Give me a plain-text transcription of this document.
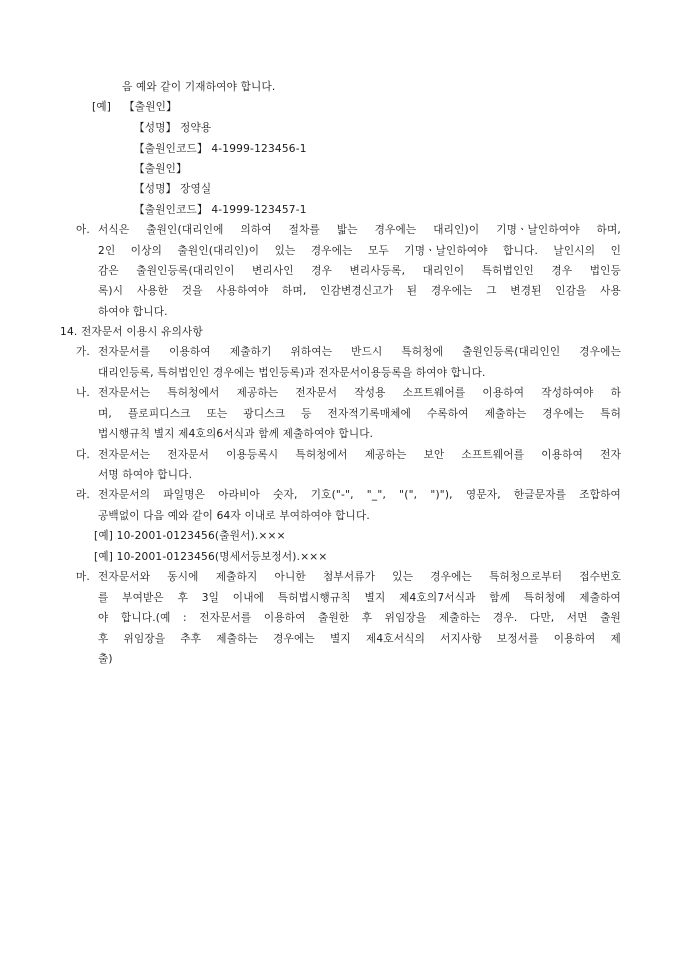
음 예와 같이 기재하여야 합니다.
[예] 【출원인】
【성명】 정약용
【출원인코드】 4-1999-123456-1
【출원인】
【성명】 장영실
【출원인코드】 4-1999-123457-1
아. 서식은 출원인(대리인에 의하여 절차를 밟는 경우에는 대리인)이 기명ㆍ날인하여야 하며,
2인 이상의 출원인(대리인)이 있는 경우에는 모두 기명ㆍ날인하여야 합니다. 날인시의 인
감은 출원인등록(대리인이 변리사인 경우 변리사등록, 대리인이 특허법인인 경우 법인등
록)시 사용한 것을 사용하여야 하며, 인감변경신고가 된 경우에는 그 변경된 인감을 사용
하여야 합니다.
14. 전자문서 이용시 유의사항
가. 전자문서를 이용하여 제출하기 위하여는 반드시 특허청에 출원인등록(대리인인 경우에는
대리인등록, 특허법인인 경우에는 법인등록)과 전자문서이용등록을 하여야 합니다.
나. 전자문서는 특허청에서 제공하는 전자문서 작성용 소프트웨어를 이용하여 작성하여야 하
며, 플로피디스크 또는 광디스크 등 전자적기록매체에 수록하여 제출하는 경우에는 특허
법시행규칙 별지 제4호의6서식과 함께 제출하여야 합니다.
다. 전자문서는 전자문서 이용등록시 특허청에서 제공하는 보안 소프트웨어를 이용하여 전자
서명 하여야 합니다.
라. 전자문서의 파일명은 아라비아 숫자, 기호("-", "_", "(", ")"), 영문자, 한글문자를 조합하여
공백없이 다음 예와 같이 64자 이내로 부여하여야 합니다.
[예] 10-2001-0123456(출원서).×××
[예] 10-2001-0123456(명세서등보정서).×××
마. 전자문서와 동시에 제출하지 아니한 첨부서류가 있는 경우에는 특허청으로부터 접수번호
를 부여받은 후 3일 이내에 특허법시행규칙 별지 제4호의7서식과 함께 특허청에 제출하여
야 합니다.(예 : 전자문서를 이용하여 출원한 후 위임장을 제출하는 경우. 다만, 서면 출원
후 위임장을 추후 제출하는 경우에는 별지 제4호서식의 서지사항 보정서를 이용하여 제
출)
